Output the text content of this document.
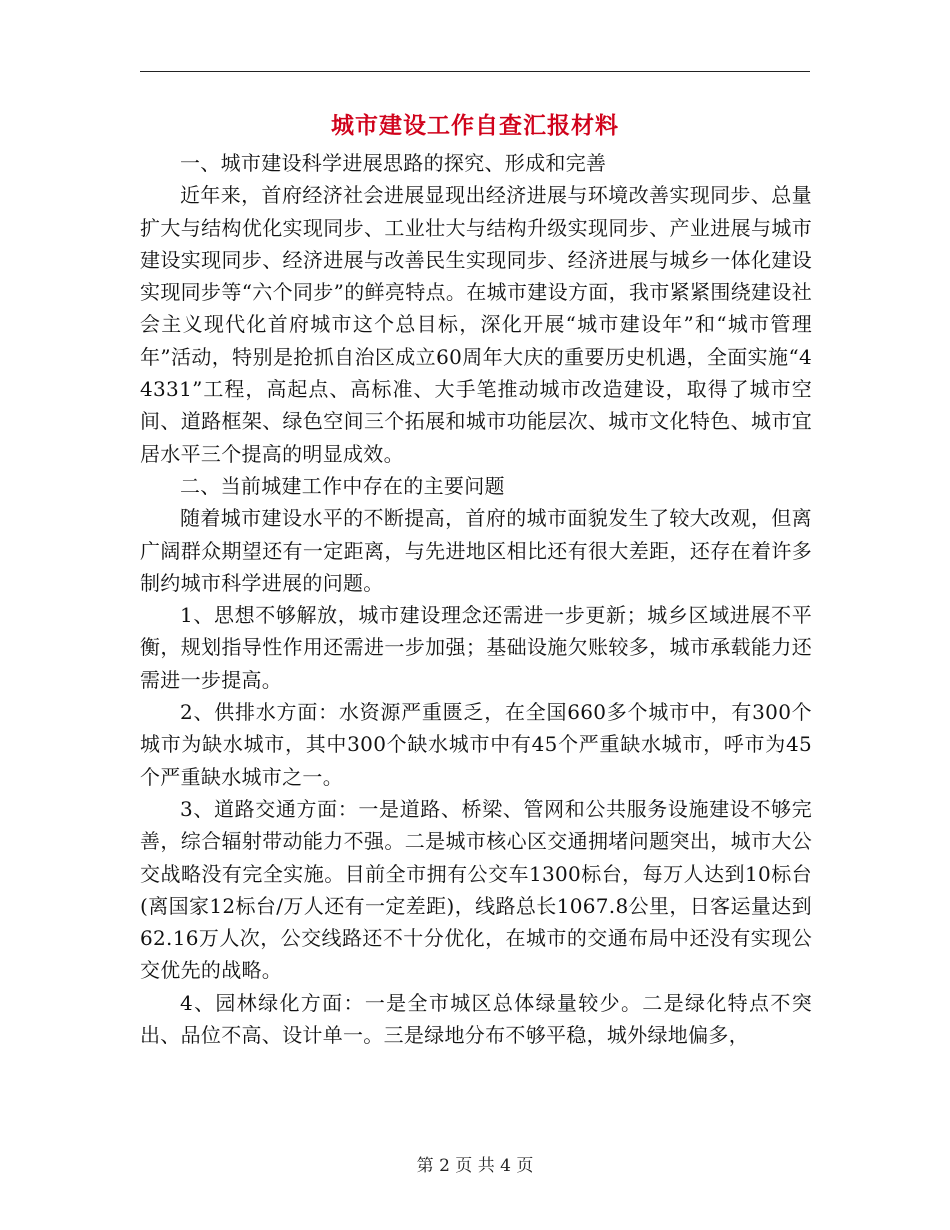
城市建设工作自查汇报材料

一、城市建设科学进展思路的探究、形成和完善

近年来，首府经济社会进展显现出经济进展与环境改善实现同步、总量扩大与结构优化实现同步、工业壮大与结构升级实现同步、产业进展与城市建设实现同步、经济进展与改善民生实现同步、经济进展与城乡一体化建设实现同步等“六个同步”的鲜亮特点。在城市建设方面，我市紧紧围绕建设社会主义现代化首府城市这个总目标，深化开展“城市建设年”和“城市管理年”活动，特别是抢抓自治区成立60周年大庆的重要历史机遇，全面实施“44331”工程，高起点、高标准、大手笔推动城市改造建设，取得了城市空间、道路框架、绿色空间三个拓展和城市功能层次、城市文化特色、城市宜居水平三个提高的明显成效。

二、当前城建工作中存在的主要问题

随着城市建设水平的不断提高，首府的城市面貌发生了较大改观，但离广阔群众期望还有一定距离，与先进地区相比还有很大差距，还存在着许多制约城市科学进展的问题。

1、思想不够解放，城市建设理念还需进一步更新；城乡区域进展不平衡，规划指导性作用还需进一步加强；基础设施欠账较多，城市承载能力还需进一步提高。

2、供排水方面：水资源严重匮乏，在全国660多个城市中，有300个城市为缺水城市，其中300个缺水城市中有45个严重缺水城市，呼市为45个严重缺水城市之一。

3、道路交通方面：一是道路、桥梁、管网和公共服务设施建设不够完善，综合辐射带动能力不强。二是城市核心区交通拥堵问题突出，城市大公交战略没有完全实施。目前全市拥有公交车1300标台，每万人达到10标台(离国家12标台/万人还有一定差距)，线路总长1067.8公里，日客运量达到62.16万人次，公交线路还不十分优化，在城市的交通布局中还没有实现公交优先的战略。

4、园林绿化方面：一是全市城区总体绿量较少。二是绿化特点不突出、品位不高、设计单一。三是绿地分布不够平稳，城外绿地偏多，

第 2 页 共 4 页
